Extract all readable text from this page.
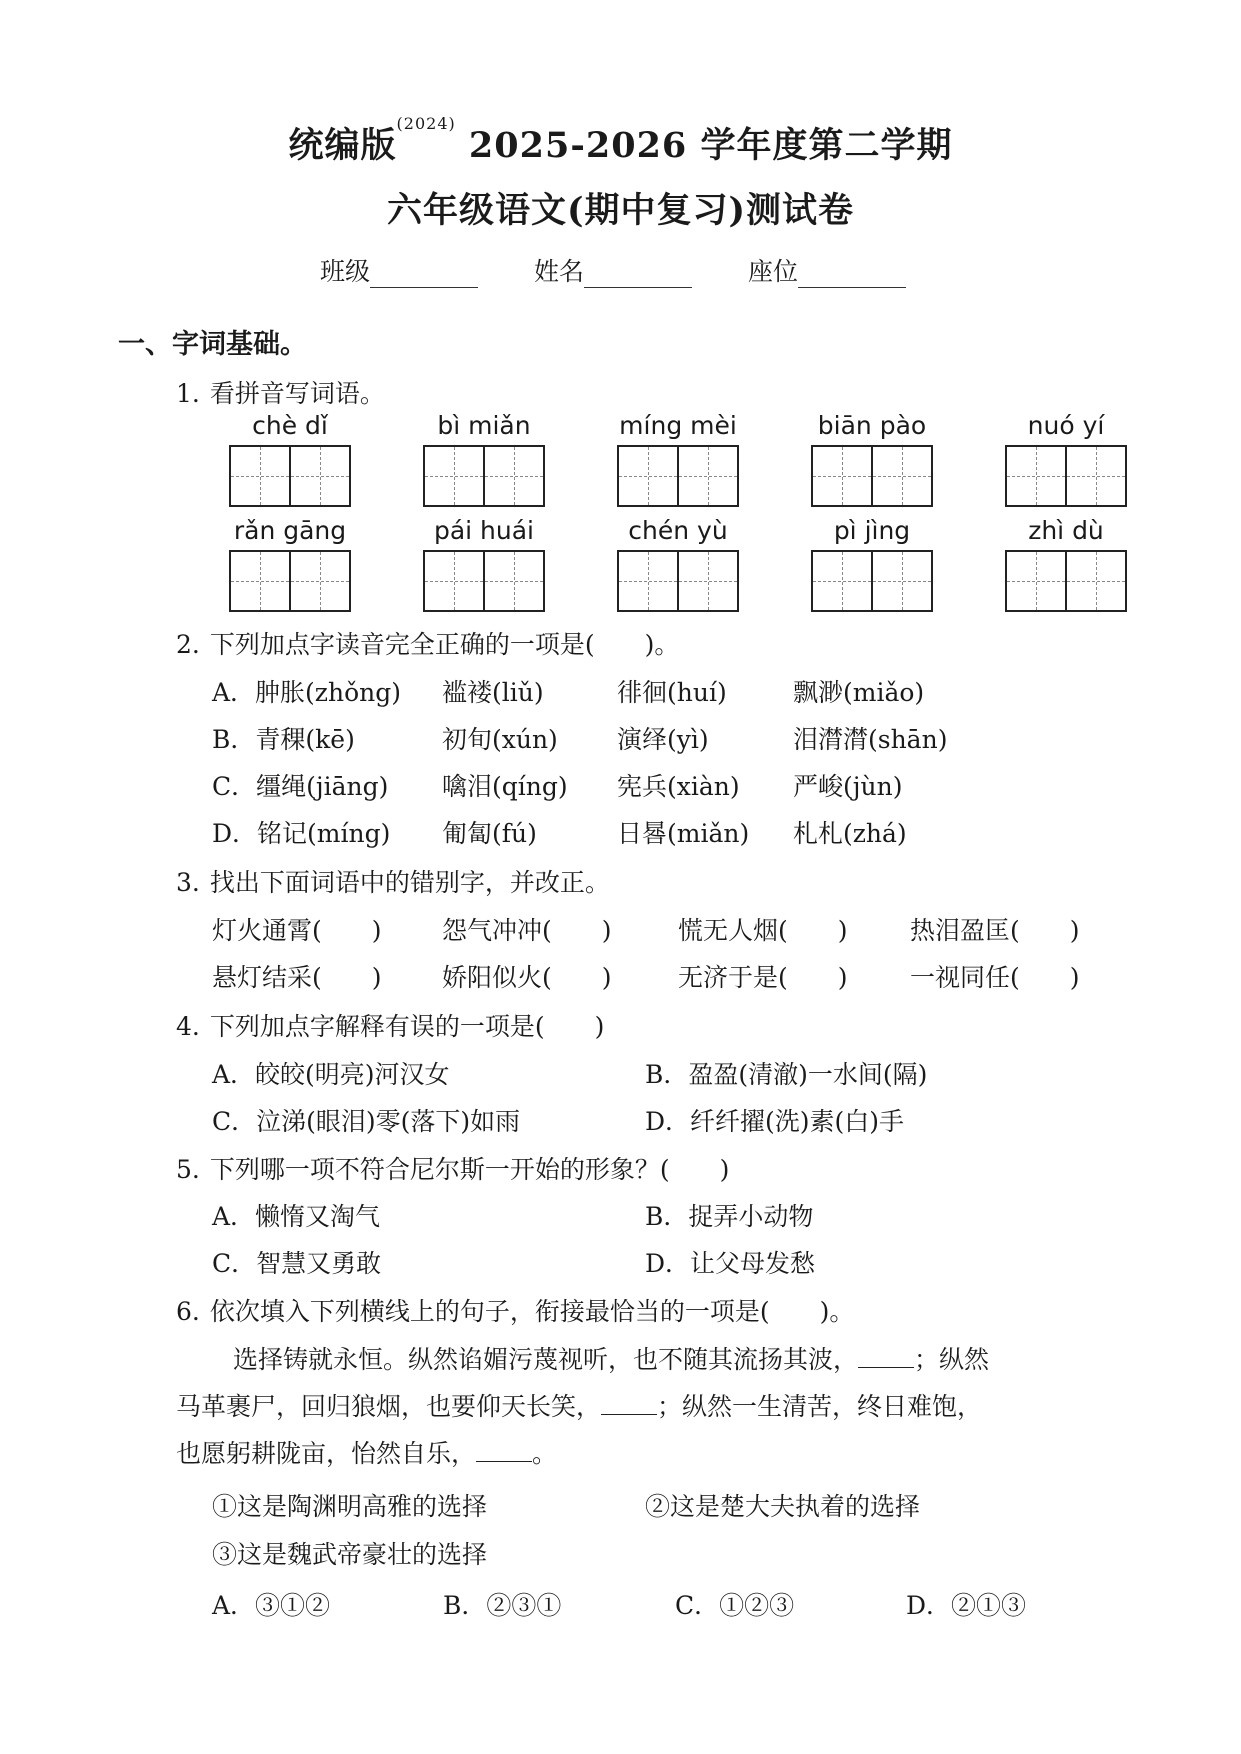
统编版$^{(2024)}$ 2025-2026 学年度第二学期
六年级语文(期中复习)测试卷
班级	姓名	座位
一、字词基础。
1. 看拼音写词语。
chè dǐ	bì miǎn	míng mèi	biān pào	nuó yí
rǎn gāng	pái huái	chén yù	pì jìng	zhì dù
2. 下列加点字读音完全正确的一项是(　　)。
A．肿胀(zhǒng) 褴褛(liǔ)	徘徊(huí)	飘渺(miǎo)
B．青稞(kē)	初旬(xún) 演绎(yì)	泪潸潸(shān)
C．缰绳(jiāng) 噙泪(qíng) 宪兵(xiàn) 严峻(jùn)
D．铭记(míng) 匍匐(fú)	日晷(miǎn) 札札(zhá)
3. 找出下面词语中的错别字，并改正。
灯火通霄(　　) 怨气冲冲(　　)	慌无人烟(　　) 热泪盈匡(　　)
悬灯结采(　　) 娇阳似火(　　)	无济于是(　　) 一视同任(　　)
4. 下列加点字解释有误的一项是(　　)
A．皎皎(明亮)河汉女	B．盈盈(清澈)一水间(隔)
C．泣涕(眼泪)零(落下)如雨	D．纤纤擢(洗)素(白)手
5. 下列哪一项不符合尼尔斯一开始的形象？(　　)
A．懒惰又淘气	B．捉弄小动物
C．智慧又勇敢	D．让父母发愁
6. 依次填入下列横线上的句子，衔接最恰当的一项是(　　)。
选择铸就永恒。纵然谄媚污蔑视听，也不随其流扬其波， ；纵然
马革裹尸，回归狼烟，也要仰天长笑， ；纵然一生清苦，终日难饱，
也愿躬耕陇亩，怡然自乐， 。
①这是陶渊明高雅的选择	②这是楚大夫执着的选择
③这是魏武帝豪壮的选择
A．③①②	B．②③①	C．①②③	D．②①③
